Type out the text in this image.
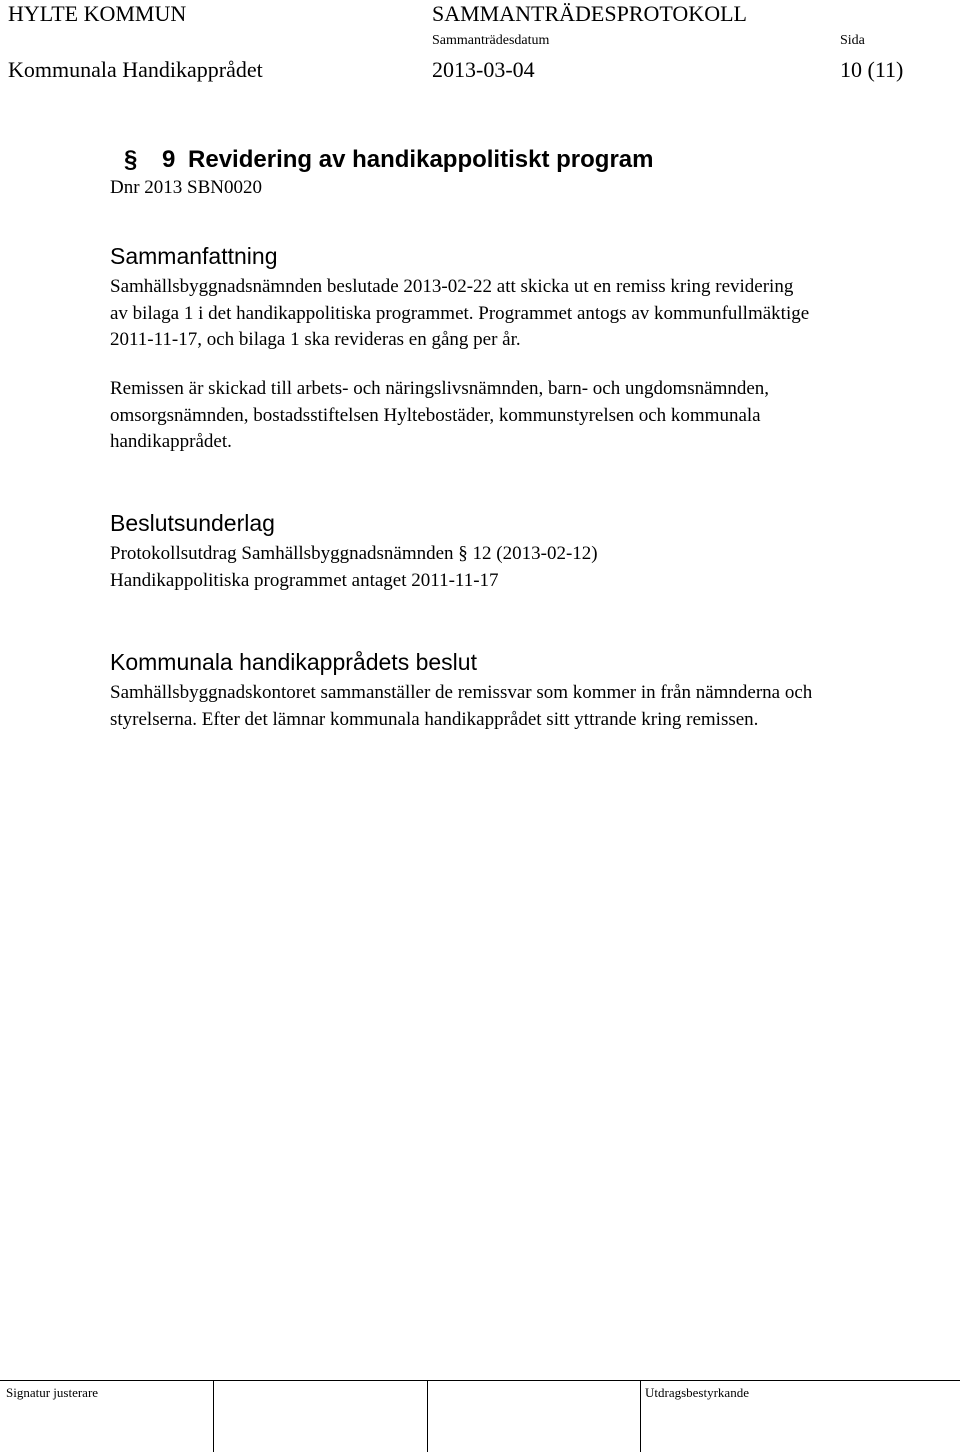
HYLTE KOMMUN	SAMMANTRÄDESPROTOKOLL
Sammanträdesdatum	Sida
Kommunala Handikapprådet	2013-03-04	10 (11)
§ 9 Revidering av handikappolitiskt program
Dnr 2013 SBN0020
Sammanfattning
Samhällsbyggnadsnämnden beslutade 2013-02-22 att skicka ut en remiss kring revidering
av bilaga 1 i det handikappolitiska programmet. Programmet antogs av kommunfullmäktige
2011-11-17, och bilaga 1 ska revideras en gång per år.
Remissen är skickad till arbets- och näringslivsnämnden, barn- och ungdomsnämnden,
omsorgsnämnden, bostadsstiftelsen Hyltebostäder, kommunstyrelsen och kommunala
handikapprådet.
Beslutsunderlag
Protokollsutdrag Samhällsbyggnadsnämnden § 12 (2013-02-12)
Handikappolitiska programmet antaget 2011-11-17
Kommunala handikapprådets beslut
Samhällsbyggnadskontoret sammanställer de remissvar som kommer in från nämnderna och
styrelserna. Efter det lämnar kommunala handikapprådet sitt yttrande kring remissen.
Signatur justerare	Utdragsbestyrkande
